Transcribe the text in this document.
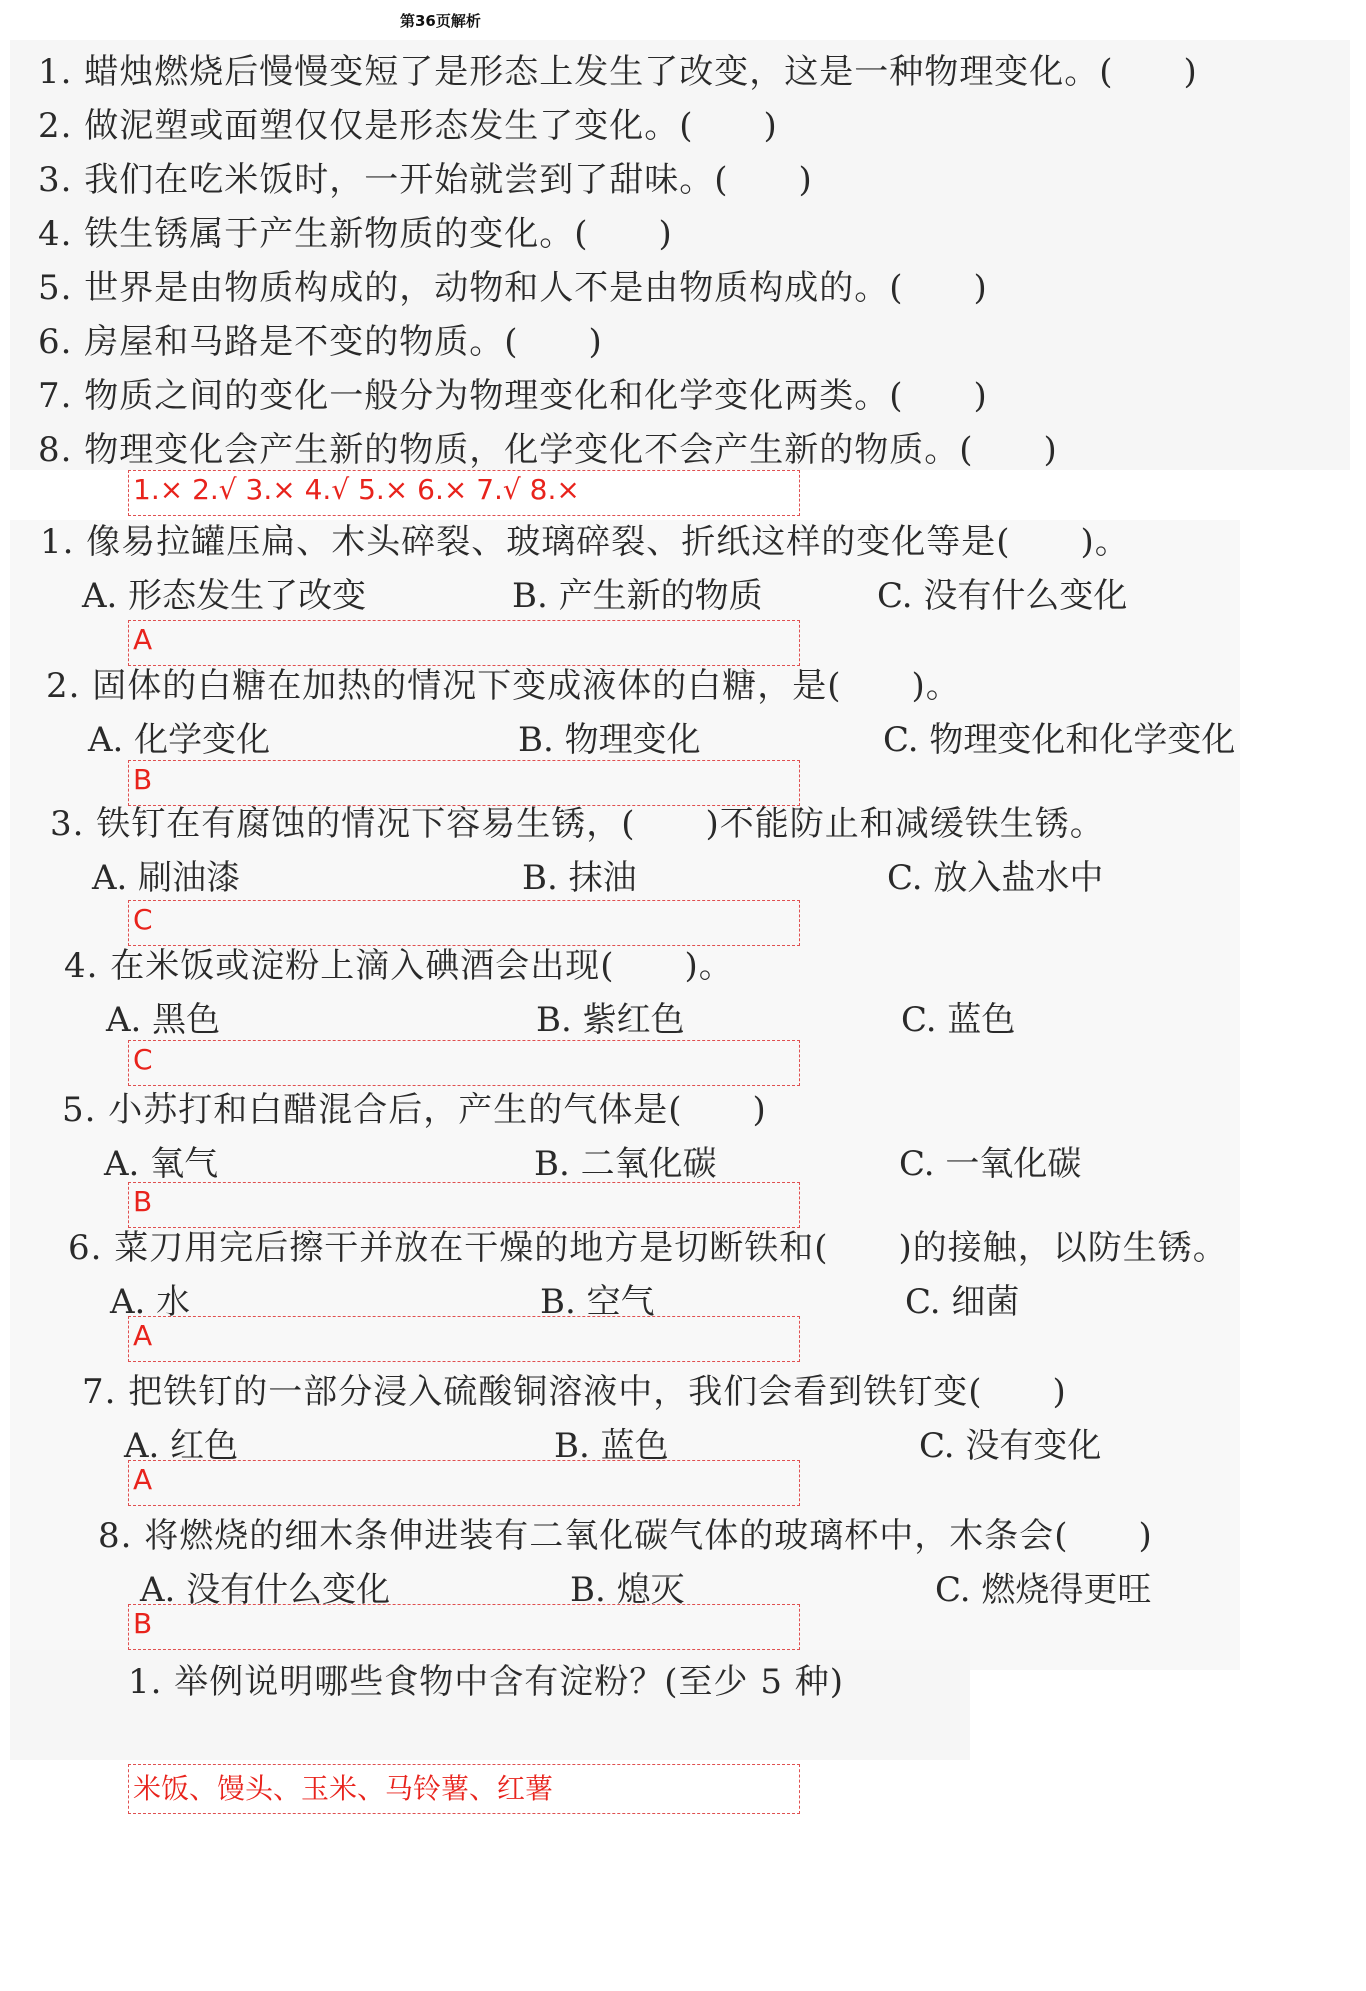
第36页解析
1. 蜡烛燃烧后慢慢变短了是形态上发生了改变，这是一种物理变化。(　　)
2. 做泥塑或面塑仅仅是形态发生了变化。(　　)
3. 我们在吃米饭时，一开始就尝到了甜味。(　　)
4. 铁生锈属于产生新物质的变化。(　　)
5. 世界是由物质构成的，动物和人不是由物质构成的。(　　)
6. 房屋和马路是不变的物质。(　　)
7. 物质之间的变化一般分为物理变化和化学变化两类。(　　)
8. 物理变化会产生新的物质，化学变化不会产生新的物质。(　　)
1.× 2.√ 3.× 4.√ 5.× 6.× 7.√ 8.×
1. 像易拉罐压扁、木头碎裂、玻璃碎裂、折纸这样的变化等是(　　)。
A. 形态发生了改变	B. 产生新的物质	C. 没有什么变化
A
2. 固体的白糖在加热的情况下变成液体的白糖，是(　　)。
A. 化学变化	B. 物理变化	C. 物理变化和化学变化
B
3. 铁钉在有腐蚀的情况下容易生锈，(　　)不能防止和减缓铁生锈。
A. 刷油漆	B. 抹油	C. 放入盐水中
C
4. 在米饭或淀粉上滴入碘酒会出现(　　)。
A. 黑色	B. 紫红色	C. 蓝色
C
5. 小苏打和白醋混合后，产生的气体是(　　)
A. 氧气	B. 二氧化碳	C. 一氧化碳
B
6. 菜刀用完后擦干并放在干燥的地方是切断铁和(　　)的接触，以防生锈。
A. 水	B. 空气	C. 细菌
A
7. 把铁钉的一部分浸入硫酸铜溶液中，我们会看到铁钉变(　　)
A. 红色	B. 蓝色	C. 没有变化
A
8. 将燃烧的细木条伸进装有二氧化碳气体的玻璃杯中，木条会(　　)
A. 没有什么变化	B. 熄灭	C. 燃烧得更旺
B
1. 举例说明哪些食物中含有淀粉？(至少 5 种)
米饭、馒头、玉米、马铃薯、红薯
